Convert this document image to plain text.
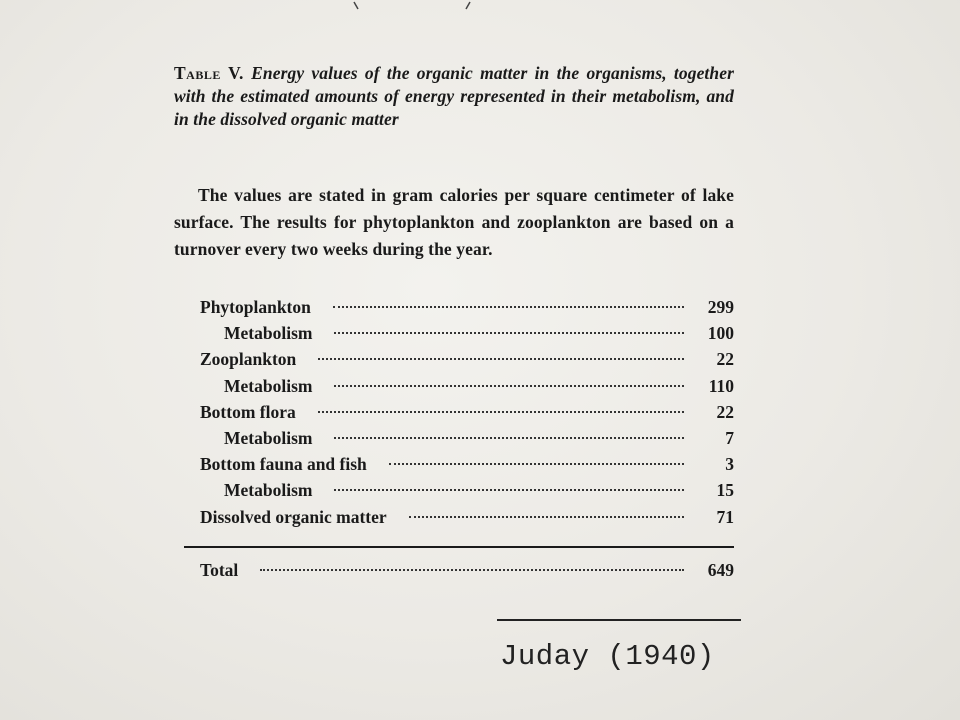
Table V. Energy values of the organic matter in the organisms, together with the estimated amounts of energy represented in their metabolism, and in the dissolved organic matter
The values are stated in gram calories per square centimeter of lake surface. The results for phytoplankton and zooplankton are based on a turnover every two weeks during the year.
Phytoplankton	299
Metabolism	100
Zooplankton	22
Metabolism	110
Bottom flora	22
Metabolism	7
Bottom fauna and fish	3
Metabolism	15
Dissolved organic matter	71
Total	649
Juday (1940)
